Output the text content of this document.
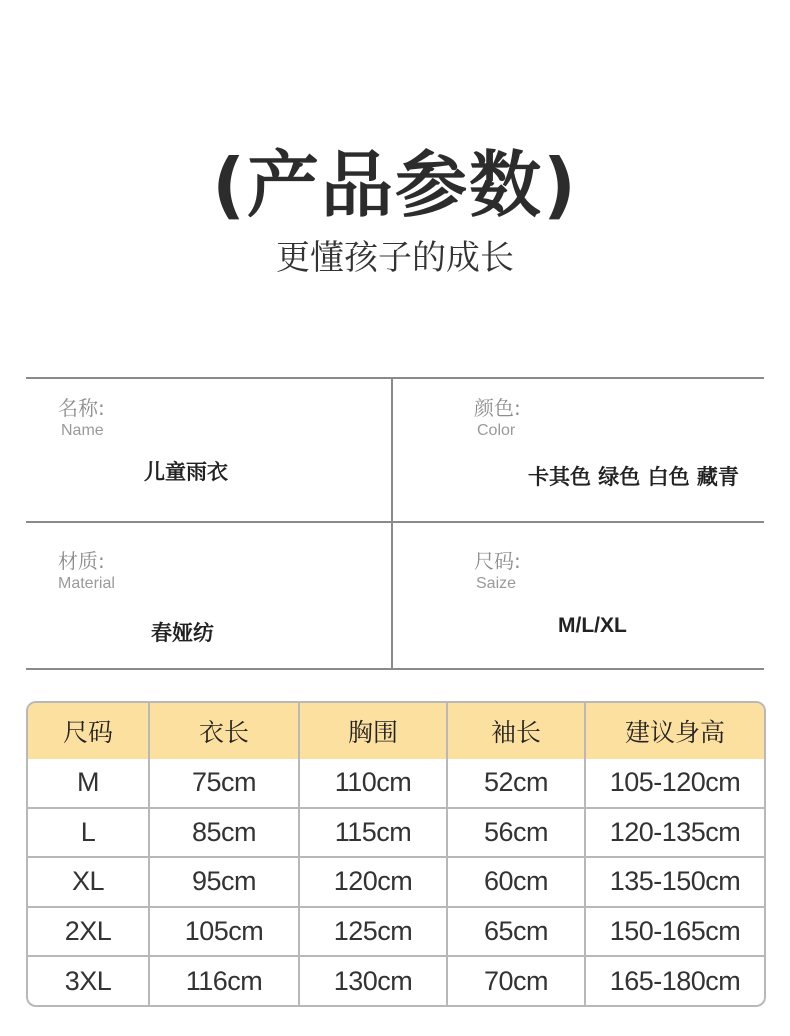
(产品参数)
更懂孩子的成长
名称:
Name
儿童雨衣
颜色:
Color
卡其色 绿色 白色 藏青
材质:
Material
春娅纺
尺码:
Saize
M/L/XL
尺码	衣长	胸围	袖长	建议身高
M	75cm	110cm	52cm	105-120cm
L	85cm	115cm	56cm	120-135cm
XL	95cm	120cm	60cm	135-150cm
2XL	105cm	125cm	65cm	150-165cm
3XL	116cm	130cm	70cm	165-180cm
